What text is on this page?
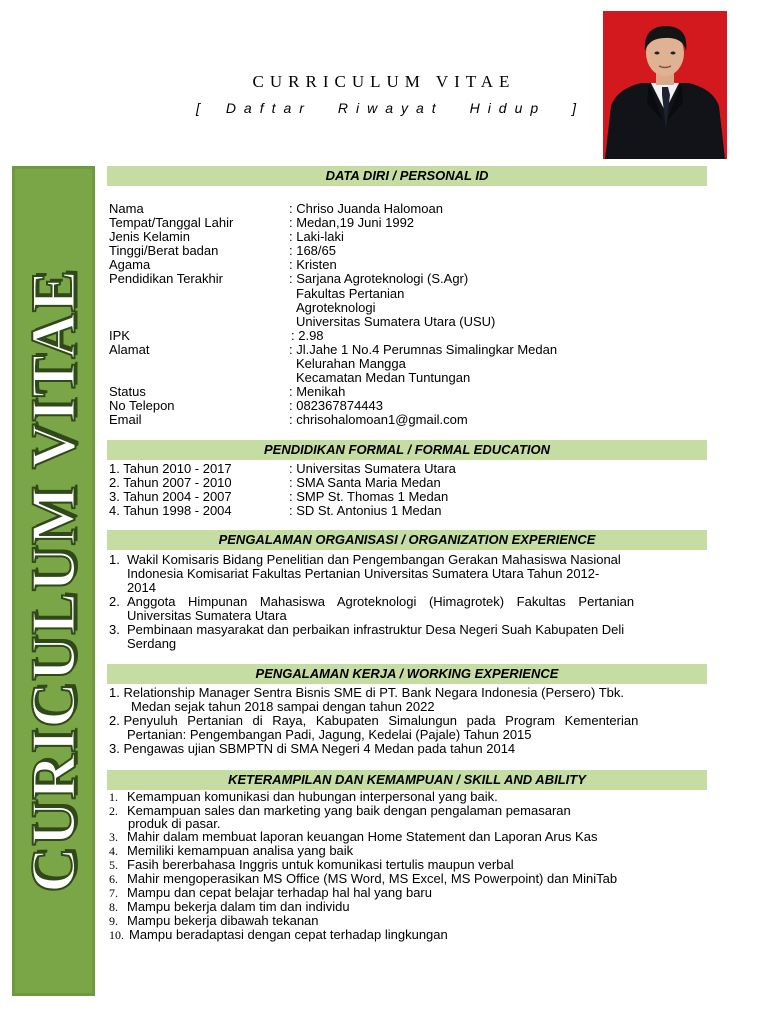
CURRICULUM VITAE
[ Daftar Riwayat Hidup ]
CURICULUM VITAE
DATA DIRI / PERSONAL ID
Nama	: Chriso Juanda Halomoan
Tempat/Tanggal Lahir	: Medan,19 Juni 1992
Jenis Kelamin	: Laki-laki
Tinggi/Berat badan	: 168/65
Agama	: Kristen
Pendidikan Terakhir	: Sarjana Agroteknologi (S.Agr)
Fakultas Pertanian
Agroteknologi
Universitas Sumatera Utara (USU)
IPK	: 2.98
Alamat	: Jl.Jahe 1 No.4 Perumnas Simalingkar Medan
Kelurahan Mangga
Kecamatan Medan Tuntungan
Status	: Menikah
No Telepon	: 082367874443
Email	: chrisohalomoan1@gmail.com
PENDIDIKAN FORMAL / FORMAL EDUCATION
1. Tahun 2010 - 2017	: Universitas Sumatera Utara
2. Tahun 2007 - 2010	: SMA Santa Maria Medan
3. Tahun 2004 - 2007	: SMP St. Thomas 1 Medan
4. Tahun 1998 - 2004	: SD St. Antonius 1 Medan
PENGALAMAN ORGANISASI / ORGANIZATION EXPERIENCE
1. Wakil Komisaris Bidang Penelitian dan Pengembangan Gerakan Mahasiswa Nasional
Indonesia Komisariat Fakultas Pertanian Universitas Sumatera Utara Tahun 2012-
2014
2. Anggota Himpunan Mahasiswa Agroteknologi (Himagrotek) Fakultas Pertanian
Universitas Sumatera Utara
3. Pembinaan masyarakat dan perbaikan infrastruktur Desa Negeri Suah Kabupaten Deli
Serdang
PENGALAMAN KERJA / WORKING EXPERIENCE
1. Relationship Manager Sentra Bisnis SME di PT. Bank Negara Indonesia (Persero) Tbk.
Medan sejak tahun 2018 sampai dengan tahun 2022
2. Penyuluh Pertanian di Raya, Kabupaten Simalungun pada Program Kementerian
Pertanian: Pengembangan Padi, Jagung, Kedelai (Pajale) Tahun 2015
3. Pengawas ujian SBMPTN di SMA Negeri 4 Medan pada tahun 2014
KETERAMPILAN DAN KEMAMPUAN / SKILL AND ABILITY
1. Kemampuan komunikasi dan hubungan interpersonal yang baik.
2. Kemampuan sales dan marketing yang baik dengan pengalaman pemasaran
produk di pasar.
3. Mahir dalam membuat laporan keuangan Home Statement dan Laporan Arus Kas
4. Memiliki kemampuan analisa yang baik
5. Fasih bererbahasa Inggris untuk komunikasi tertulis maupun verbal
6. Mahir mengoperasikan MS Office (MS Word, MS Excel, MS Powerpoint) dan MiniTab
7. Mampu dan cepat belajar terhadap hal hal yang baru
8. Mampu bekerja dalam tim dan individu
9. Mampu bekerja dibawah tekanan
10. Mampu beradaptasi dengan cepat terhadap lingkungan
